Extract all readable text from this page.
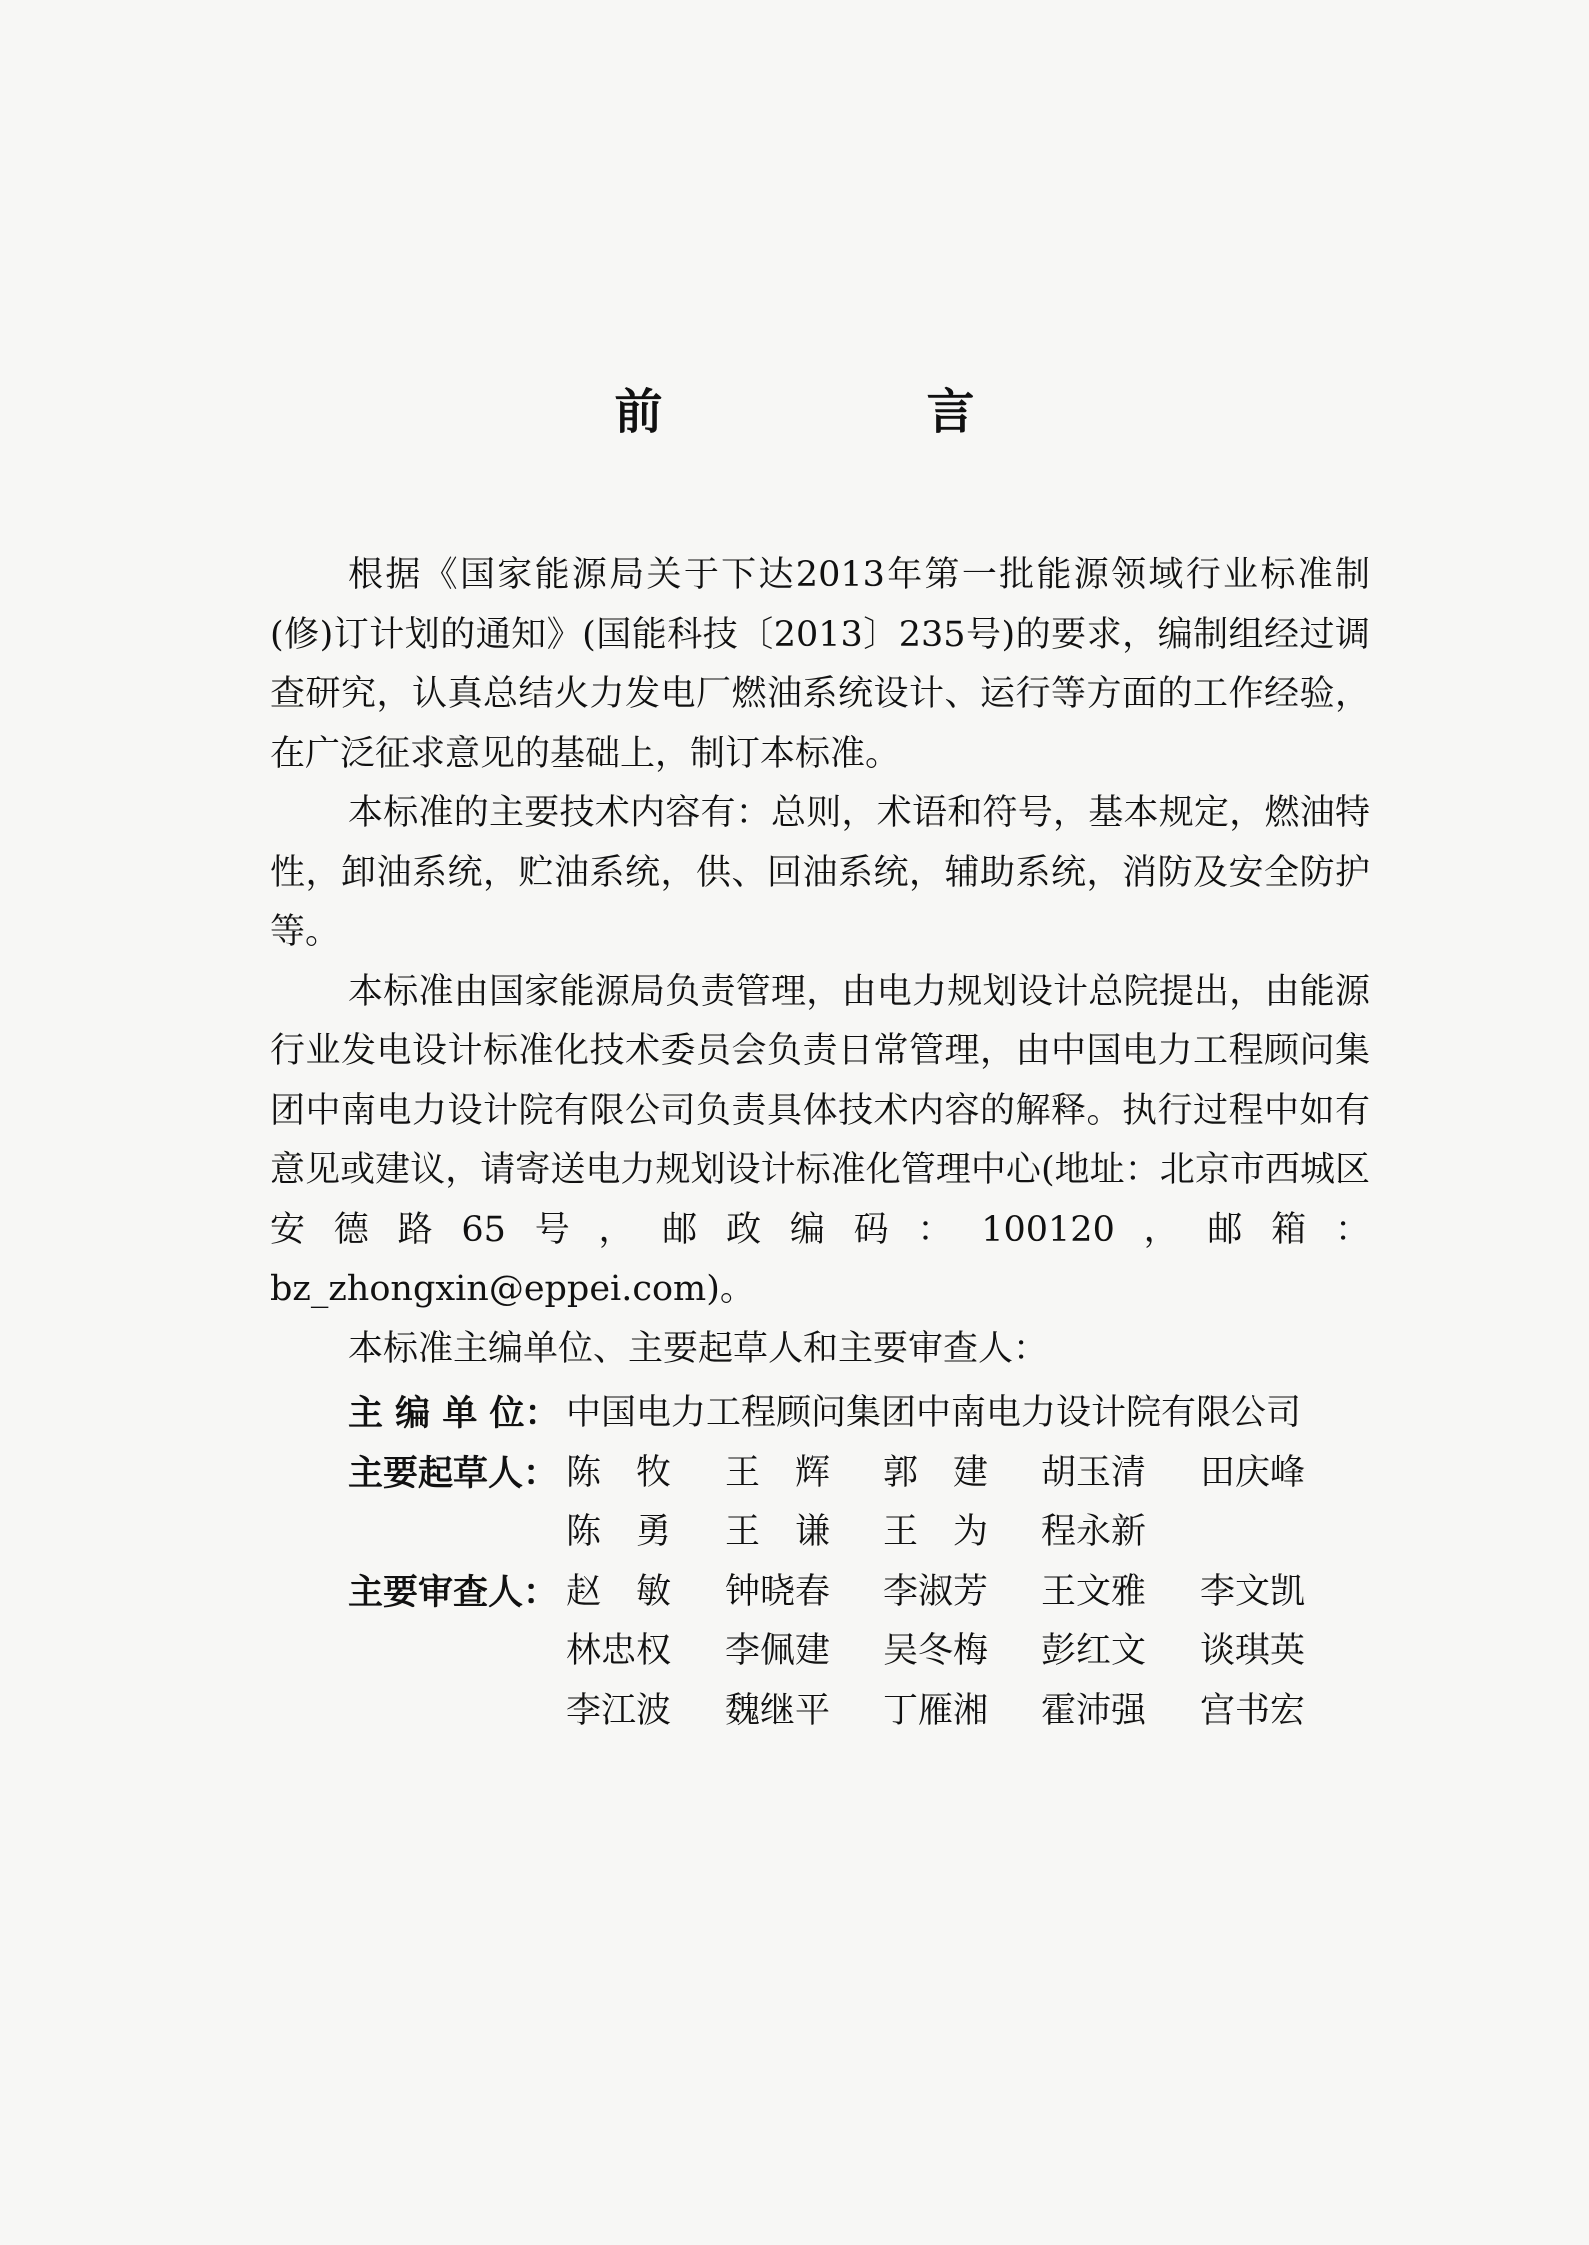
前　言

根据《国家能源局关于下达2013年第一批能源领域行业标准制(修)订计划的通知》(国能科技〔2013〕235号)的要求，编制组经过调查研究，认真总结火力发电厂燃油系统设计、运行等方面的工作经验，在广泛征求意见的基础上，制订本标准。

本标准的主要技术内容有：总则，术语和符号，基本规定，燃油特性，卸油系统，贮油系统，供、回油系统，辅助系统，消防及安全防护等。

本标准由国家能源局负责管理，由电力规划设计总院提出，由能源行业发电设计标准化技术委员会负责日常管理，由中国电力工程顾问集团中南电力设计院有限公司负责具体技术内容的解释。执行过程中如有意见或建议，请寄送电力规划设计标准化管理中心(地址：北京市西城区安德路65号，邮政编码：100120，邮箱：bz_zhongxin@eppei.com)。

本标准主编单位、主要起草人和主要审查人：

主 编 单 位： 中国电力工程顾问集团中南电力设计院有限公司
主要起草人： 陈　牧 王　辉 郭　建 胡玉清 田庆峰
陈　勇 王　谦 王　为 程永新
主要审查人： 赵　敏 钟晓春 李淑芳 王文雅 李文凯
林忠权 李佩建 吴冬梅 彭红文 谈琪英
李江波 魏继平 丁雁湘 霍沛强 宫书宏
